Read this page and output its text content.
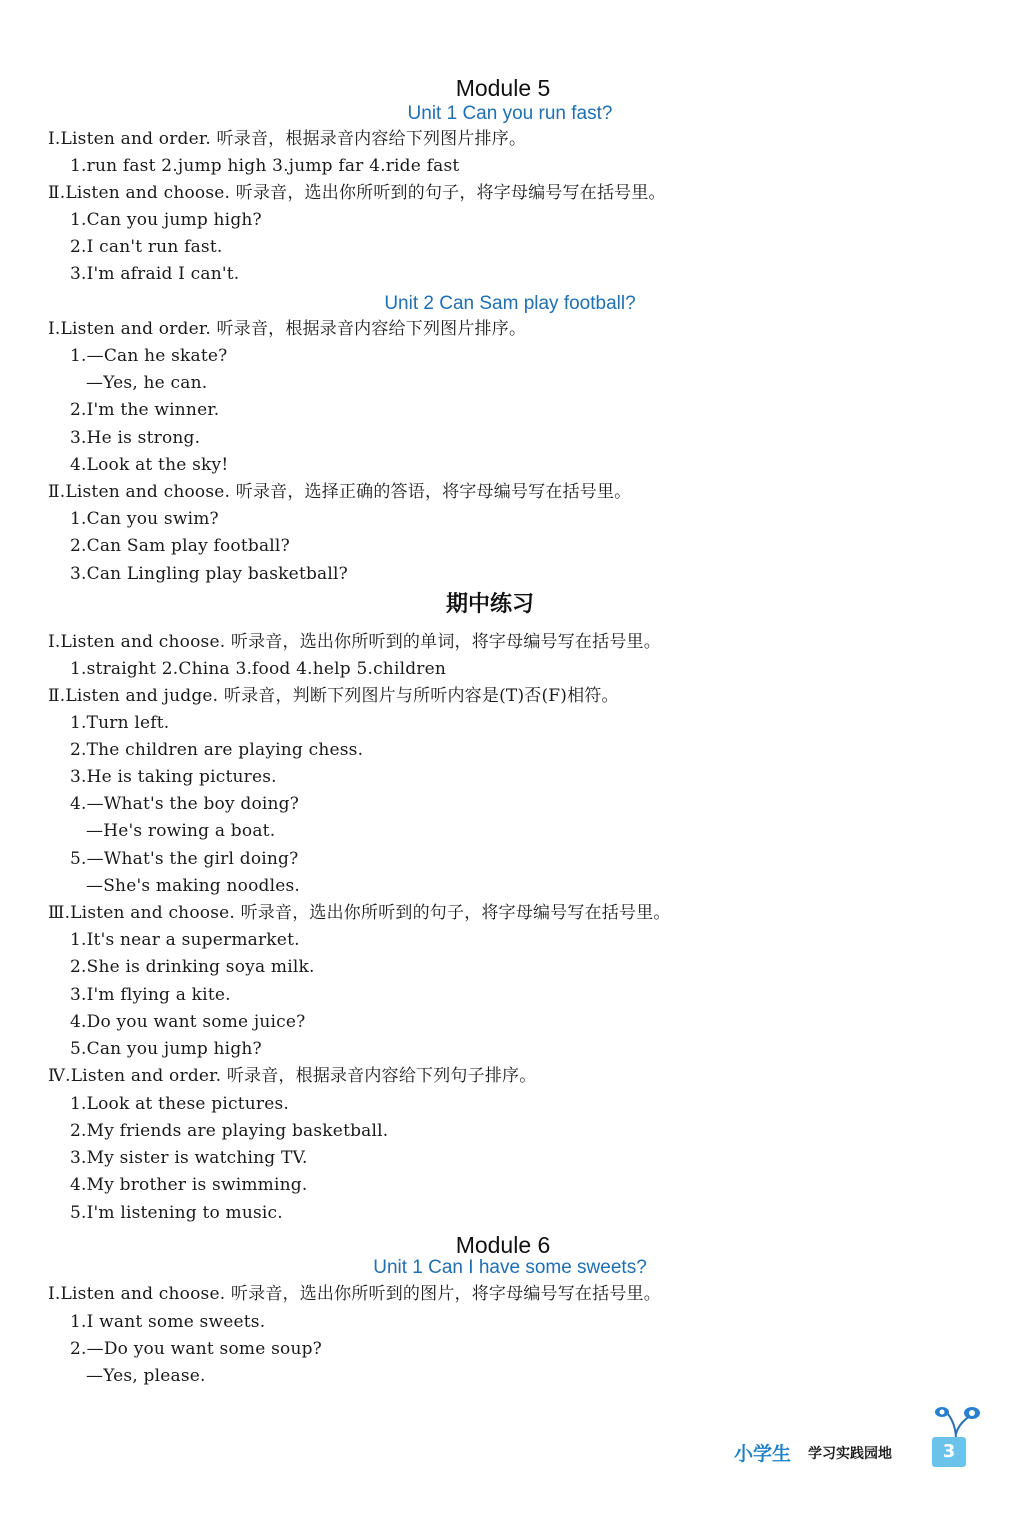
Module 5
Unit 1 Can you run fast?
Ⅰ.Listen and order. 听录音，根据录音内容给下列图片排序。
1.run fast 2.jump high 3.jump far 4.ride fast
Ⅱ.Listen and choose. 听录音，选出你所听到的句子，将字母编号写在括号里。
1.Can you jump high?
2.I can't run fast.
3.I'm afraid I can't.
Unit 2 Can Sam play football?
Ⅰ.Listen and order. 听录音，根据录音内容给下列图片排序。
1.—Can he skate?
—Yes, he can.
2.I'm the winner.
3.He is strong.
4.Look at the sky!
Ⅱ.Listen and choose. 听录音，选择正确的答语，将字母编号写在括号里。
1.Can you swim?
2.Can Sam play football?
3.Can Lingling play basketball?
期中练习
Ⅰ.Listen and choose. 听录音，选出你所听到的单词，将字母编号写在括号里。
1.straight 2.China 3.food 4.help 5.children
Ⅱ.Listen and judge. 听录音，判断下列图片与所听内容是(T)否(F)相符。
1.Turn left.
2.The children are playing chess.
3.He is taking pictures.
4.—What's the boy doing?
—He's rowing a boat.
5.—What's the girl doing?
—She's making noodles.
Ⅲ.Listen and choose. 听录音，选出你所听到的句子，将字母编号写在括号里。
1.It's near a supermarket.
2.She is drinking soya milk.
3.I'm flying a kite.
4.Do you want some juice?
5.Can you jump high?
Ⅳ.Listen and order. 听录音，根据录音内容给下列句子排序。
1.Look at these pictures.
2.My friends are playing basketball.
3.My sister is watching TV.
4.My brother is swimming.
5.I'm listening to music.
Module 6
Unit 1 Can I have some sweets?
Ⅰ.Listen and choose. 听录音，选出你所听到的图片，将字母编号写在括号里。
1.I want some sweets.
2.—Do you want some soup?
—Yes, please.
小学生 学习实践园地	3
